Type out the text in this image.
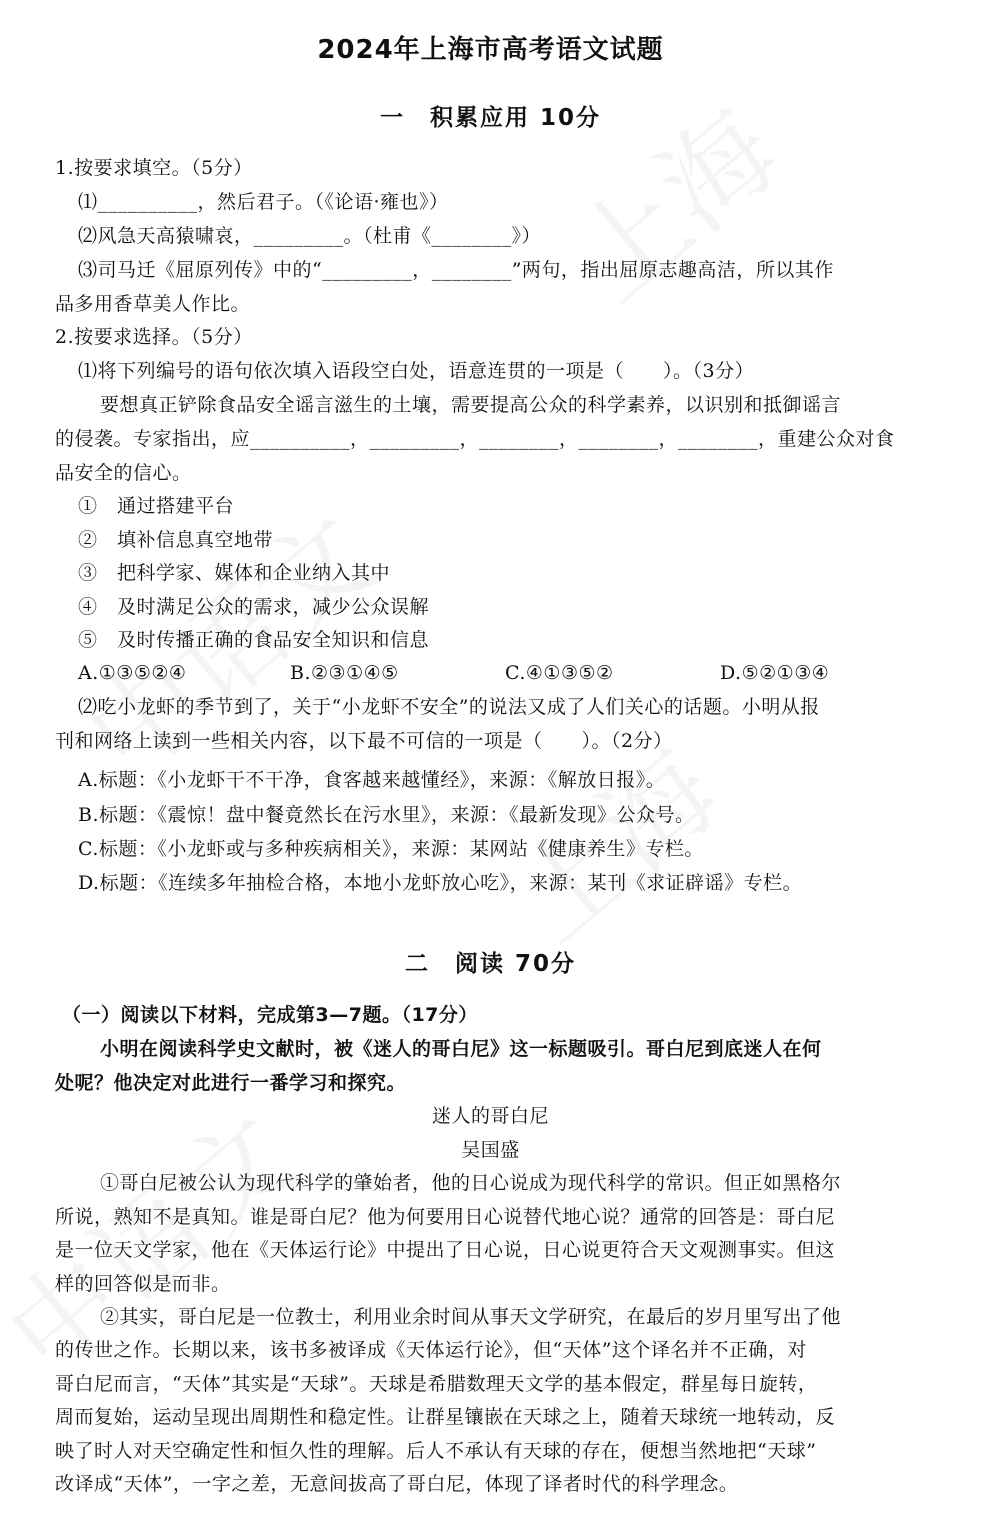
2024年上海市高考语文试题
一　积累应用 10分
1.按要求填空。（5分）
⑴__________，然后君子。（《论语·雍也》）
⑵风急天高猿啸哀，_________。（杜甫《________》）
⑶司马迁《屈原列传》中的“_________，________”两句，指出屈原志趣高洁，所以其作
品多用香草美人作比。
2.按要求选择。（5分）
⑴将下列编号的语句依次填入语段空白处，语意连贯的一项是（　　）。（3分）
要想真正铲除食品安全谣言滋生的土壤，需要提高公众的科学素养，以识别和抵御谣言
的侵袭。专家指出，应__________，_________，________，________，________，重建公众对食
品安全的信心。
①　通过搭建平台
②　填补信息真空地带
③　把科学家、媒体和企业纳入其中
④　及时满足公众的需求，减少公众误解
⑤　及时传播正确的食品安全知识和信息
A.①③⑤②④	B.②③①④⑤	C.④①③⑤②	D.⑤②①③④
⑵吃小龙虾的季节到了，关于“小龙虾不安全”的说法又成了人们关心的话题。小明从报
刊和网络上读到一些相关内容，以下最不可信的一项是（　　）。（2分）
A.标题：《小龙虾干不干净，食客越来越懂经》，来源：《解放日报》。
B.标题：《震惊！盘中餐竟然长在污水里》，来源：《最新发现》公众号。
C.标题：《小龙虾或与多种疾病相关》，来源：某网站《健康养生》专栏。
D.标题：《连续多年抽检合格，本地小龙虾放心吃》，来源：某刊《求证辟谣》专栏。
二　阅读 70分
（一）阅读以下材料，完成第3—7题。（17分）
小明在阅读科学史文献时，被《迷人的哥白尼》这一标题吸引。哥白尼到底迷人在何
处呢？他决定对此进行一番学习和探究。
迷人的哥白尼
吴国盛
①哥白尼被公认为现代科学的肇始者，他的日心说成为现代科学的常识。但正如黑格尔
所说，熟知不是真知。谁是哥白尼？他为何要用日心说替代地心说？通常的回答是：哥白尼
是一位天文学家，他在《天体运行论》中提出了日心说，日心说更符合天文观测事实。但这
样的回答似是而非。
②其实，哥白尼是一位教士，利用业余时间从事天文学研究，在最后的岁月里写出了他
的传世之作。长期以来，该书多被译成《天体运行论》，但“天体”这个译名并不正确，对
哥白尼而言，“天体”其实是“天球”。天球是希腊数理天文学的基本假定，群星每日旋转，
周而复始，运动呈现出周期性和稳定性。让群星镶嵌在天球之上，随着天球统一地转动，反
映了时人对天空确定性和恒久性的理解。后人不承认有天球的存在，便想当然地把“天球”
改译成“天体”，一字之差，无意间拔高了哥白尼，体现了译者时代的科学理念。
